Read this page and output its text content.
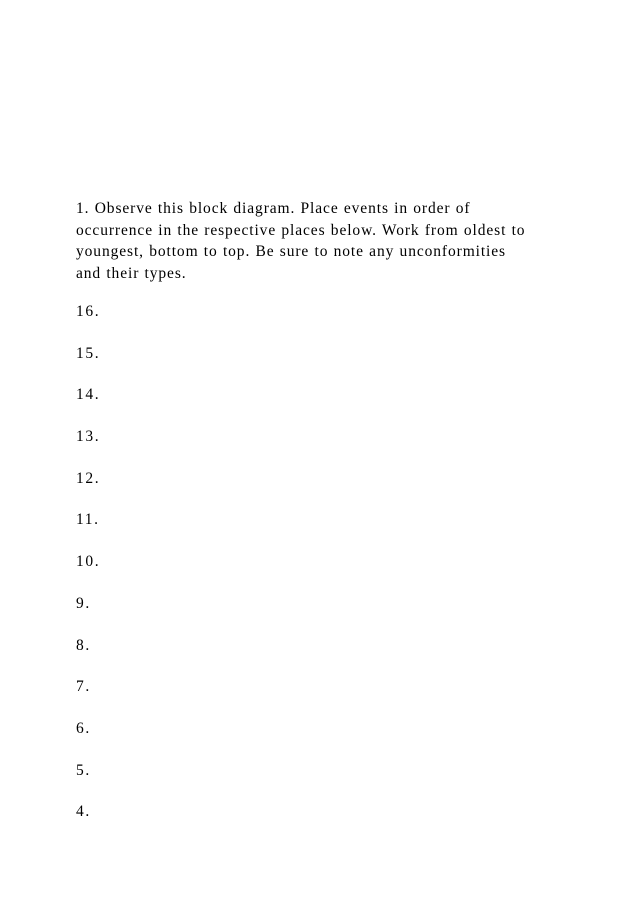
1. Observe this block diagram. Place events in order of
occurrence in the respective places below. Work from oldest to
youngest, bottom to top. Be sure to note any unconformities
and their types.

16.
15.
14.
13.
12.
11.
10.
9.
8.
7.
6.
5.
4.
